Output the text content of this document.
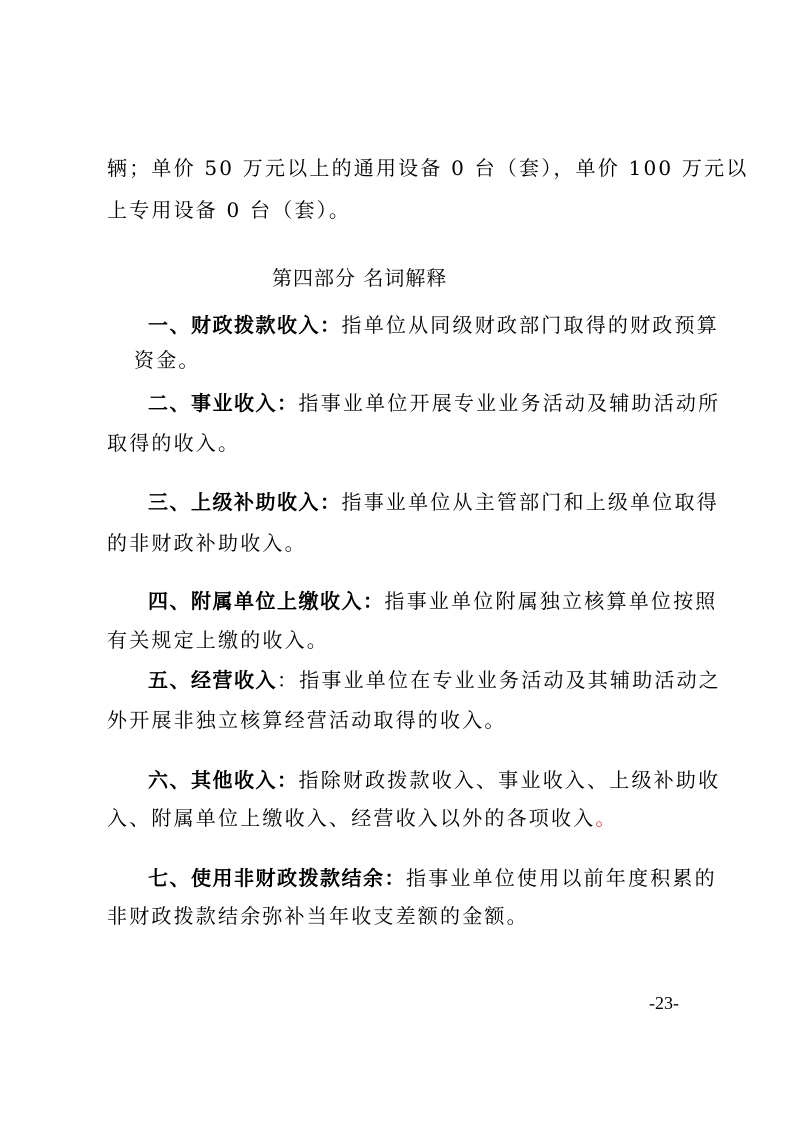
辆；单价 50 万元以上的通用设备 0 台（套），单价 100 万元以
上专用设备 0 台（套）。
第四部分 名词解释
一、财政拨款收入：指单位从同级财政部门取得的财政预算
资金。
二、事业收入：指事业单位开展专业业务活动及辅助活动所
取得的收入。
三、上级补助收入：指事业单位从主管部门和上级单位取得
的非财政补助收入。
四、附属单位上缴收入：指事业单位附属独立核算单位按照
有关规定上缴的收入。
五、经营收入：指事业单位在专业业务活动及其辅助活动之
外开展非独立核算经营活动取得的收入。
六、其他收入：指除财政拨款收入、事业收入、上级补助收
入、附属单位上缴收入、经营收入以外的各项收入。
七、使用非财政拨款结余：指事业单位使用以前年度积累的
非财政拨款结余弥补当年收支差额的金额。
-23-
